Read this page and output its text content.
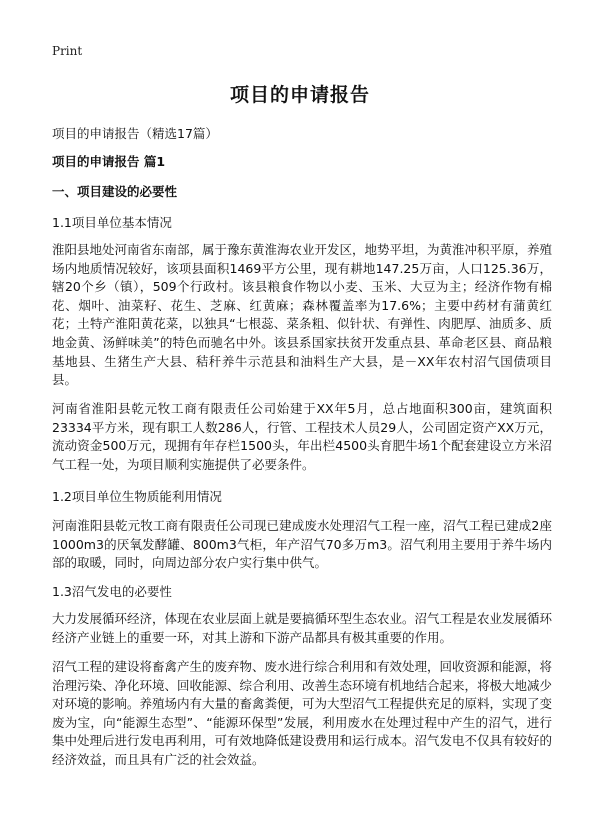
Print
项目的申请报告
项目的申请报告（精选17篇）
项目的申请报告 篇1
一、项目建设的必要性
1.1项目单位基本情况
淮阳县地处河南省东南部，属于豫东黄淮海农业开发区，地势平坦，为黄淮冲积平原，养殖场内地质情况较好，该项县面积1469平方公里，现有耕地147.25万亩，人口125.36万，辖20个乡（镇），509个行政村。该县粮食作物以小麦、玉米、大豆为主；经济作物有棉花、烟叶、油菜籽、花生、芝麻、红黄麻；森林覆盖率为17.6%；主要中药材有蒲黄红花；土特产淮阳黄花菜，以独具“七根蕊、菜条粗、似针状、有弹性、肉肥厚、油质多、质地金黄、汤鲜味美”的特色而驰名中外。该县系国家扶贫开发重点县、革命老区县、商品粮基地县、生猪生产大县、秸秆养牛示范县和油料生产大县，是－XX年农村沼气国债项目县。
河南省淮阳县乾元牧工商有限责任公司始建于XX年5月，总占地面积300亩，建筑面积23334平方米，现有职工人数286人，行管、工程技术人员29人，公司固定资产XX万元，流动资金500万元，现拥有年存栏1500头，年出栏4500头育肥牛场1个配套建设立方米沼气工程一处，为项目顺利实施提供了必要条件。
1.2项目单位生物质能利用情况
河南淮阳县乾元牧工商有限责任公司现已建成废水处理沼气工程一座，沼气工程已建成2座1000m3的厌氧发酵罐、800m3气柜，年产沼气70多万m3。沼气利用主要用于养牛场内部的取暖，同时，向周边部分农户实行集中供气。
1.3沼气发电的必要性
大力发展循环经济，体现在农业层面上就是要搞循环型生态农业。沼气工程是农业发展循环经济产业链上的重要一环，对其上游和下游产品都具有极其重要的作用。
沼气工程的建设将畜禽产生的废弃物、废水进行综合利用和有效处理，回收资源和能源，将治理污染、净化环境、回收能源、综合利用、改善生态环境有机地结合起来，将极大地减少对环境的影响。养殖场内有大量的畜禽粪便，可为大型沼气工程提供充足的原料，实现了变废为宝，向“能源生态型”、“能源环保型”发展，利用废水在处理过程中产生的沼气，进行集中处理后进行发电再利用，可有效地降低建设费用和运行成本。沼气发电不仅具有较好的经济效益，而且具有广泛的社会效益。
